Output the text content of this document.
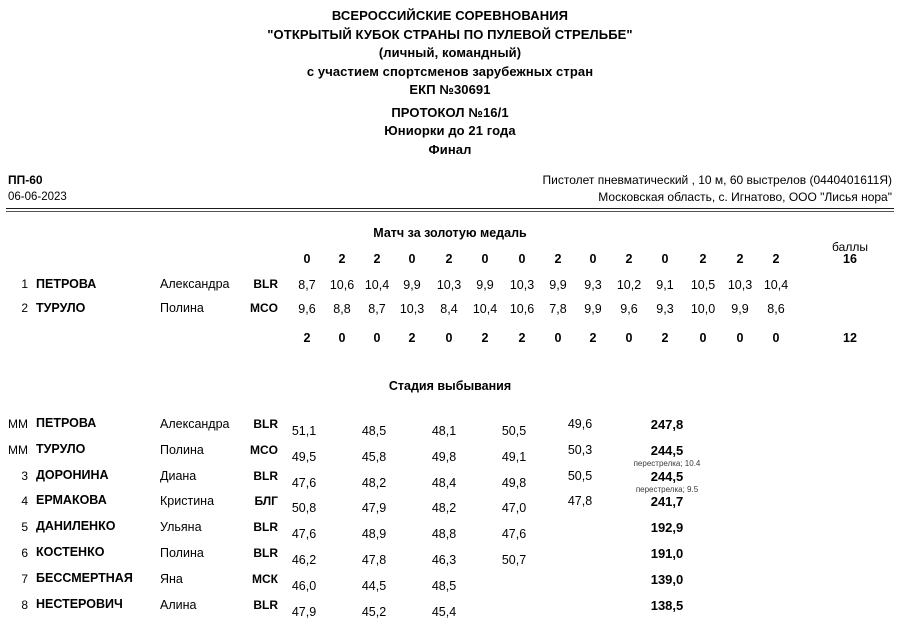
ВСЕРОССИЙСКИЕ СОРЕВНОВАНИЯ
"ОТКРЫТЫЙ КУБОК СТРАНЫ ПО ПУЛЕВОЙ СТРЕЛЬБЕ"
(личный, командный)
с участием спортсменов зарубежных стран
ЕКП №30691
ПРОТОКОЛ №16/1
Юниорки до 21 года
Финал
ПП-60
06-06-2023
Пистолет пневматический , 10 м, 60 выстрелов (0440401611Я)
Московская область, с. Игнатово, ООО "Лисья нора"
Матч за золотую медаль
баллы
0	2	2	0	2	0	0	2	0	2	0	2	2	2	16
1 ПЕТРОВА	Александра	BLR	8,7	10,6 10,4	9,9	10,3	9,9	10,3	9,9	9,3	10,2	9,1	10,5	10,3 10,4
2 ТУРУЛО	Полина	MCO	9,6	8,8	8,7	10,3	8,4	10,4	10,6	7,8	9,9	9,6	9,3	10,0	9,9	8,6
2	0	0	2	0	2	2	0	2	0	2	0	0	0	12
Стадия выбывания
ММ ПЕТРОВА	Александра	BLR	51,1	48,5	48,1	50,5	49,6	247,8
ММ ТУРУЛО	Полина	MCO	49,5	45,8	49,8	49,1	50,3	244,5
перестрелка; 10.4
3 ДОРОНИНА	Диана	BLR	47,6	48,2	48,4	49,8	50,5	244,5
перестрелка; 9.5
4 ЕРМАКОВА	Кристина	БЛГ	50,8	47,9	48,2	47,0	47,8	241,7
5 ДАНИЛЕНКО	Ульяна	BLR	47,6	48,9	48,8	47,6	192,9
6 КОСТЕНКО	Полина	BLR	46,2	47,8	46,3	50,7	191,0
7 БЕССМЕРТНАЯ Яна	МСК	46,0	44,5	48,5	139,0
8 НЕСТЕРОВИЧ	Алина	BLR	47,9	45,2	45,4	138,5
